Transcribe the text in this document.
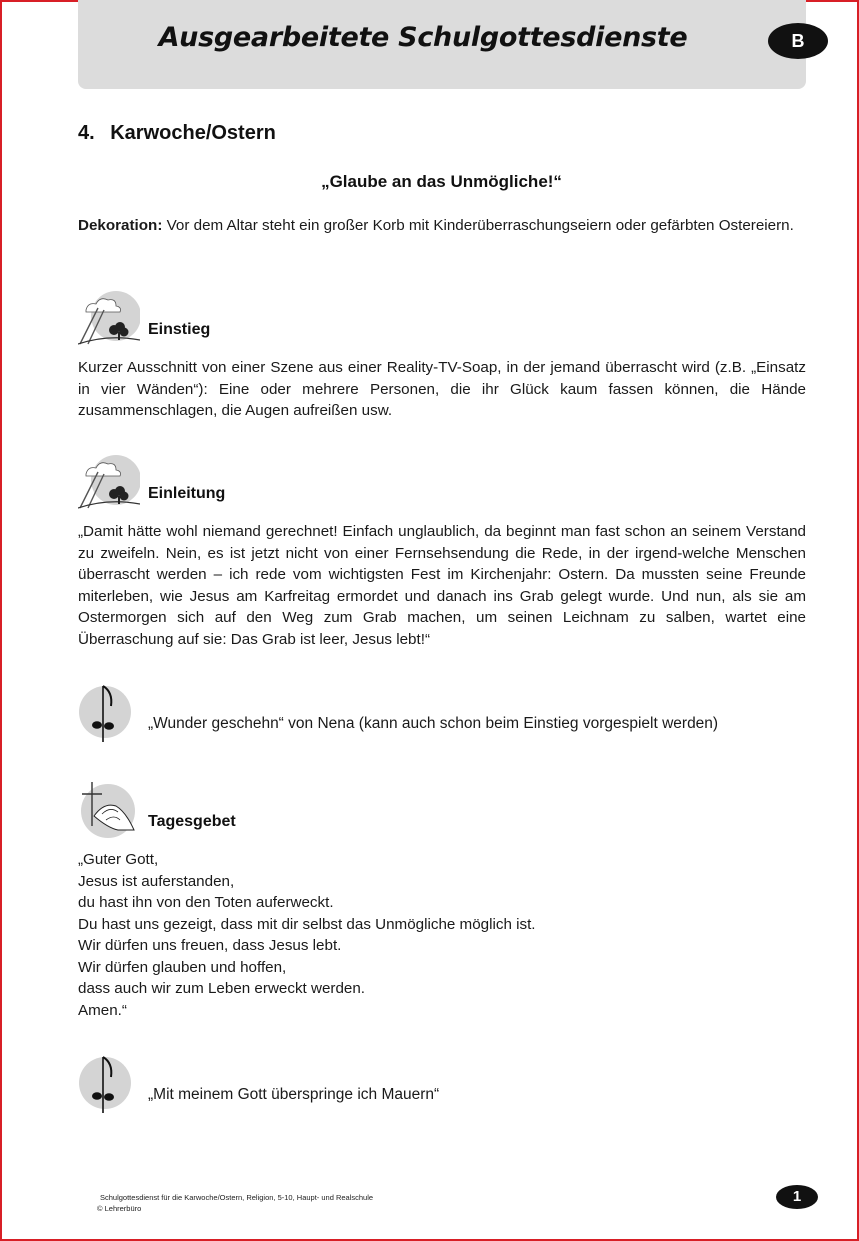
Ausgearbeitete Schulgottesdienste	B
4.  Karwoche/Ostern
„Glaube an das Unmögliche!“
Dekoration: Vor dem Altar steht ein großer Korb mit Kinderüberraschungseiern oder gefärbten Ostereiern.
Einstieg
Kurzer Ausschnitt von einer Szene aus einer Reality-TV-Soap, in der jemand überrascht wird (z.B. „Einsatz in vier Wänden“): Eine oder mehrere Personen, die ihr Glück kaum fassen können, die Hände zusammenschlagen, die Augen aufreißen usw.
Einleitung
„Damit hätte wohl niemand gerechnet! Einfach unglaublich, da beginnt man fast schon an seinem Verstand zu zweifeln. Nein, es ist jetzt nicht von einer Fernsehsendung die Rede, in der irgend-welche Menschen überrascht werden – ich rede vom wichtigsten Fest im Kirchenjahr: Ostern. Da mussten seine Freunde miterleben, wie Jesus am Karfreitag ermordet und danach ins Grab gelegt wurde. Und nun, als sie am Ostermorgen sich auf den Weg zum Grab machen, um seinen Leichnam zu salben, wartet eine Überraschung auf sie: Das Grab ist leer, Jesus lebt!“
„Wunder geschehn“ von Nena (kann auch schon beim Einstieg vorgespielt werden)
Tagesgebet
„Guter Gott,
Jesus ist auferstanden,
du hast ihn von den Toten auferweckt.
Du hast uns gezeigt, dass mit dir selbst das Unmögliche möglich ist.
Wir dürfen uns freuen, dass Jesus lebt.
Wir dürfen glauben und hoffen,
dass auch wir zum Leben erweckt werden.
Amen.“
„Mit meinem Gott überspringe ich Mauern“
Schulgottesdienst für die Karwoche/Ostern, Religion, 5-10, Haupt- und Realschule
© Lehrerbüro
1
